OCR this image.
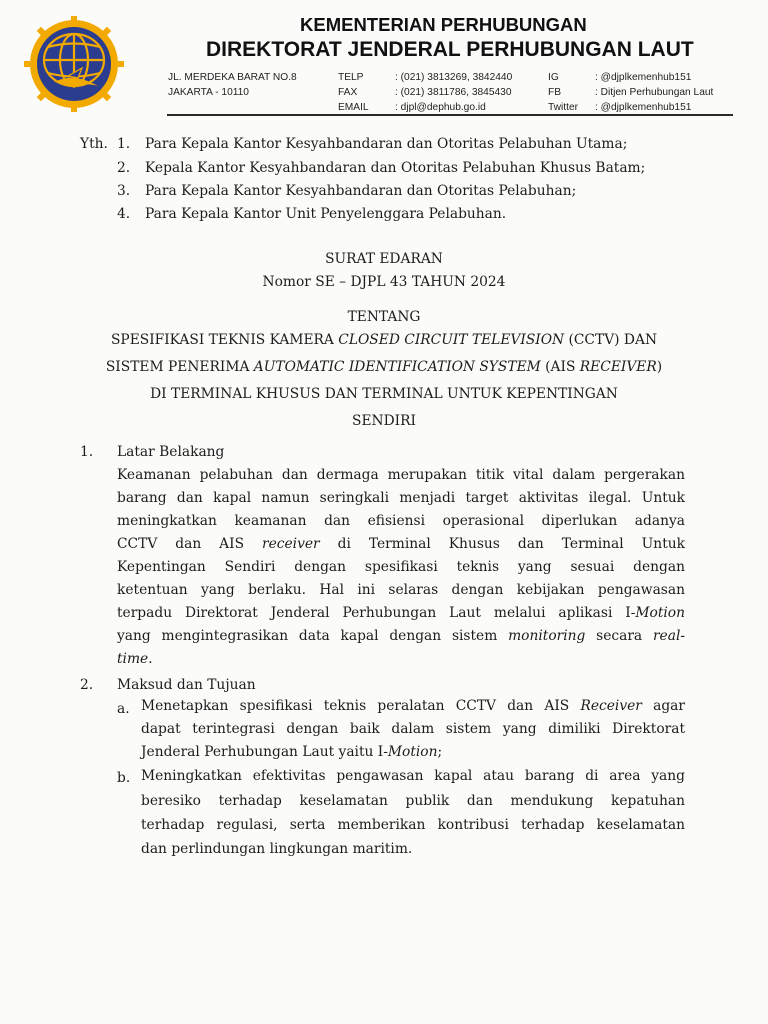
KEMENTERIAN PERHUBUNGAN
DIREKTORAT JENDERAL PERHUBUNGAN LAUT
JL. MERDEKA BARAT NO.8
JAKARTA - 10110
TELP
FAX
EMAIL
: (021) 3813269, 3842440
: (021) 3811786, 3845430
: djpl@dephub.go.id
IG
FB
Twitter
: @djplkemenhub151
: Ditjen Perhubungan Laut
: @djplkemenhub151
Yth. 1. Para Kepala Kantor Kesyahbandaran dan Otoritas Pelabuhan Utama;
2. Kepala Kantor Kesyahbandaran dan Otoritas Pelabuhan Khusus Batam;
3. Para Kepala Kantor Kesyahbandaran dan Otoritas Pelabuhan;
4. Para Kepala Kantor Unit Penyelenggara Pelabuhan.
SURAT EDARAN
Nomor SE – DJPL 43 TAHUN 2024
TENTANG
SPESIFIKASI TEKNIS KAMERA CLOSED CIRCUIT TELEVISION (CCTV) DAN
SISTEM PENERIMA AUTOMATIC IDENTIFICATION SYSTEM (AIS RECEIVER)
DI TERMINAL KHUSUS DAN TERMINAL UNTUK KEPENTINGAN
SENDIRI
1. Latar Belakang
Keamanan pelabuhan dan dermaga merupakan titik vital dalam pergerakan
barang dan kapal namun seringkali menjadi target aktivitas ilegal. Untuk
meningkatkan keamanan dan efisiensi operasional diperlukan adanya
CCTV dan AIS receiver di Terminal Khusus dan Terminal Untuk
Kepentingan Sendiri dengan spesifikasi teknis yang sesuai dengan
ketentuan yang berlaku. Hal ini selaras dengan kebijakan pengawasan
terpadu Direktorat Jenderal Perhubungan Laut melalui aplikasi I-Motion
yang mengintegrasikan data kapal dengan sistem monitoring secara real-
time.
2. Maksud dan Tujuan
a. Menetapkan spesifikasi teknis peralatan CCTV dan AIS Receiver agar
dapat terintegrasi dengan baik dalam sistem yang dimiliki Direktorat
Jenderal Perhubungan Laut yaitu I-Motion;
b. Meningkatkan efektivitas pengawasan kapal atau barang di area yang
beresiko terhadap keselamatan publik dan mendukung kepatuhan
terhadap regulasi, serta memberikan kontribusi terhadap keselamatan
dan perlindungan lingkungan maritim.
